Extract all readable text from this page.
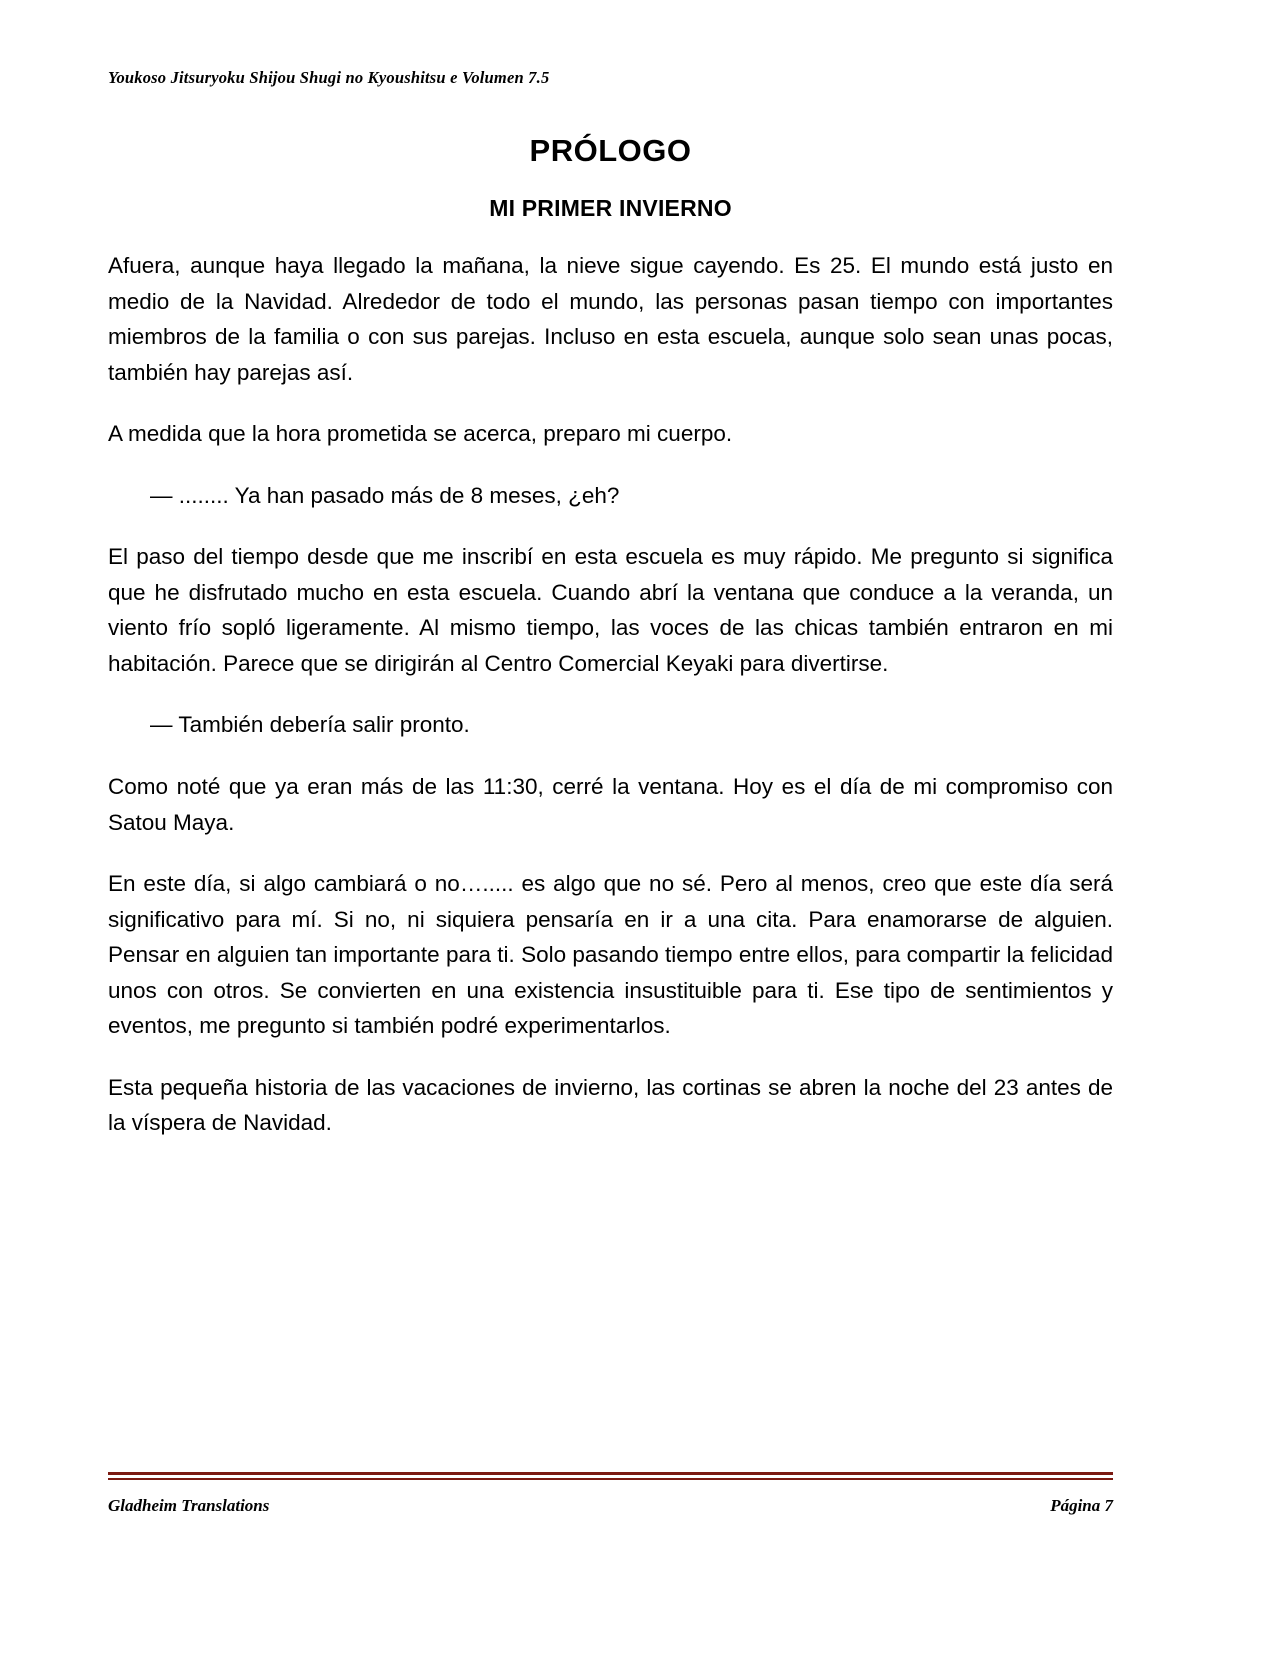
Youkoso Jitsuryoku Shijou Shugi no Kyoushitsu e Volumen 7.5
PRÓLOGO
MI PRIMER INVIERNO

Afuera, aunque haya llegado la mañana, la nieve sigue cayendo. Es 25. El mundo está justo en medio de la Navidad. Alrededor de todo el mundo, las personas pasan tiempo con importantes miembros de la familia o con sus parejas. Incluso en esta escuela, aunque solo sean unas pocas, también hay parejas así.

A medida que la hora prometida se acerca, preparo mi cuerpo.

— ........ Ya han pasado más de 8 meses, ¿eh?

El paso del tiempo desde que me inscribí en esta escuela es muy rápido. Me pregunto si significa que he disfrutado mucho en esta escuela. Cuando abrí la ventana que conduce a la veranda, un viento frío sopló ligeramente. Al mismo tiempo, las voces de las chicas también entraron en mi habitación. Parece que se dirigirán al Centro Comercial Keyaki para divertirse.

— También debería salir pronto.

Como noté que ya eran más de las 11:30, cerré la ventana. Hoy es el día de mi compromiso con Satou Maya.

En este día, si algo cambiará o no…..... es algo que no sé. Pero al menos, creo que este día será significativo para mí. Si no, ni siquiera pensaría en ir a una cita. Para enamorarse de alguien. Pensar en alguien tan importante para ti. Solo pasando tiempo entre ellos, para compartir la felicidad unos con otros. Se convierten en una existencia insustituible para ti. Ese tipo de sentimientos y eventos, me pregunto si también podré experimentarlos.

Esta pequeña historia de las vacaciones de invierno, las cortinas se abren la noche del 23 antes de la víspera de Navidad.

Gladheim Translations	Página 7
